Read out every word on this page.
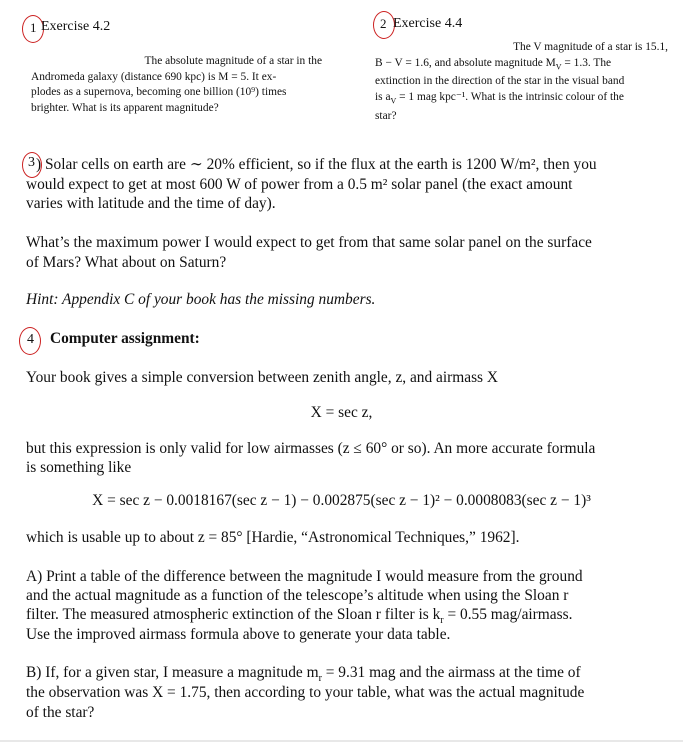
1 Exercise 4.2
The absolute magnitude of a star in the
Andromeda galaxy (distance 690 kpc) is M = 5. It ex-
plodes as a supernova, becoming one billion (10⁹) times
brighter. What is its apparent magnitude?
2 Exercise 4.4
The V magnitude of a star is 15.1,
B − V = 1.6, and absolute magnitude $M_V = 1.3$. The
extinction in the direction of the star in the visual band
is $a_V = 1$ mag kpc⁻¹. What is the intrinsic colour of the
star?
3 ) Solar cells on earth are ∼ 20% efficient, so if the flux at the earth is 1200 W/m², then you
would expect to get at most 600 W of power from a 0.5 m² solar panel (the exact amount
varies with latitude and the time of day).
What’s the maximum power I would expect to get from that same solar panel on the surface
of Mars? What about on Saturn?
Hint: Appendix C of your book has the missing numbers.
4 Computer assignment:
Your book gives a simple conversion between zenith angle, z, and airmass X
X = sec z,
but this expression is only valid for low airmasses (z ≤ 60° or so). An more accurate formula
is something like
X = sec z − 0.0018167(sec z − 1) − 0.002875(sec z − 1)² − 0.0008083(sec z − 1)³
which is usable up to about z = 85° [Hardie, “Astronomical Techniques,” 1962].
A) Print a table of the difference between the magnitude I would measure from the ground
and the actual magnitude as a function of the telescope’s altitude when using the Sloan r
filter. The measured atmospheric extinction of the Sloan r filter is $k_r = 0.55$ mag/airmass.
Use the improved airmass formula above to generate your data table.
B) If, for a given star, I measure a magnitude $m_r = 9.31$ mag and the airmass at the time of
the observation was X = 1.75, then according to your table, what was the actual magnitude
of the star?
